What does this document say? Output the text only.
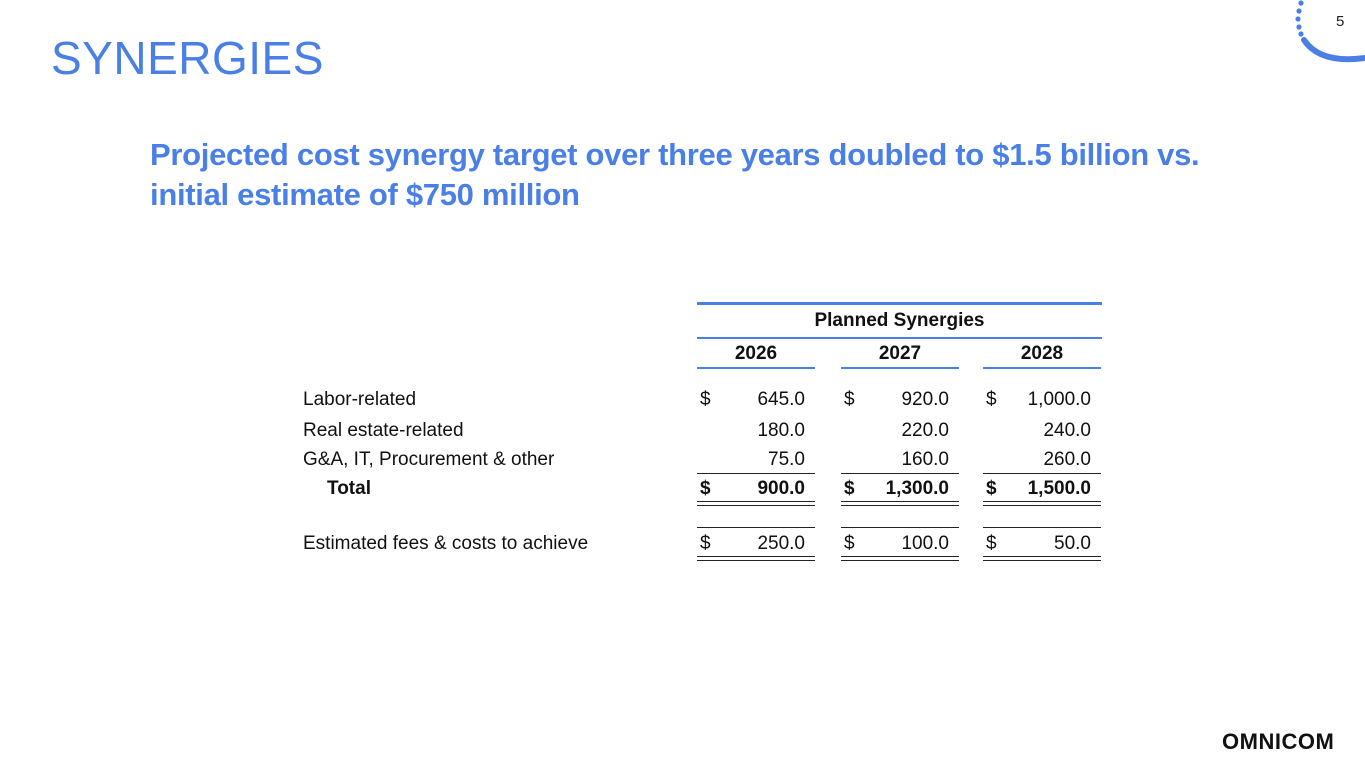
5
SYNERGIES
Projected cost synergy target over three years doubled to $1.5 billion vs. initial estimate of $750 million
Planned Synergies
2026	2027	2028
Labor-related	$	645.0 $	920.0 $	1,000.0
Real estate-related	180.0	220.0	240.0
G&A, IT, Procurement & other	75.0	160.0	260.0
Total	$	900.0 $	1,300.0 $	1,500.0
Estimated fees & costs to achieve	$	250.0 $	100.0 $	50.0
OMNICOM
